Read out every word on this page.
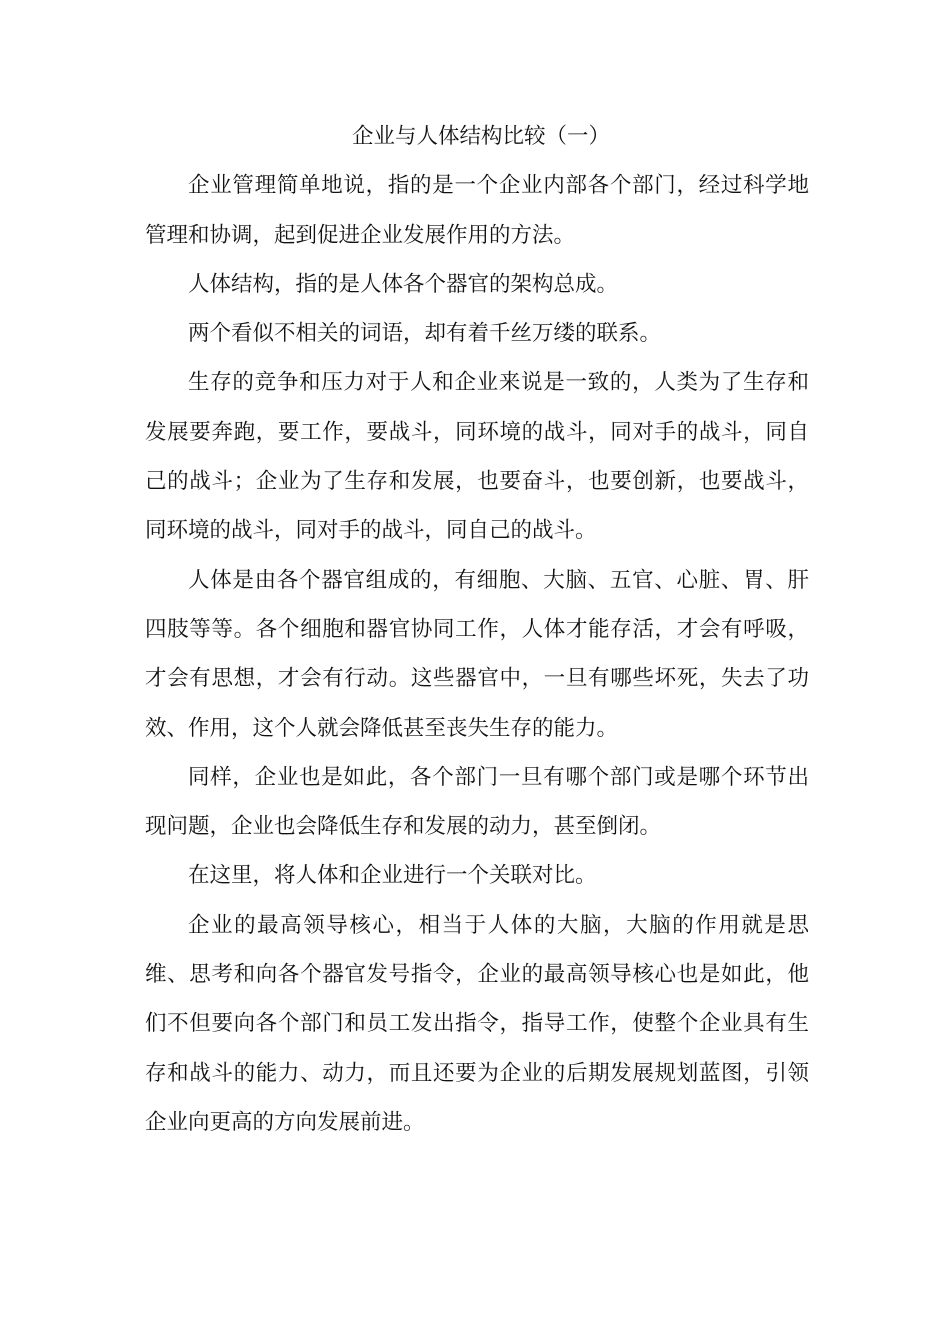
企业与人体结构比较（一）

企业管理简单地说，指的是一个企业内部各个部门，经过科学地管理和协调，起到促进企业发展作用的方法。

人体结构，指的是人体各个器官的架构总成。

两个看似不相关的词语，却有着千丝万缕的联系。

生存的竞争和压力对于人和企业来说是一致的，人类为了生存和发展要奔跑，要工作，要战斗，同环境的战斗，同对手的战斗，同自己的战斗；企业为了生存和发展，也要奋斗，也要创新，也要战斗，同环境的战斗，同对手的战斗，同自己的战斗。

人体是由各个器官组成的，有细胞、大脑、五官、心脏、胃、肝四肢等等。各个细胞和器官协同工作，人体才能存活，才会有呼吸，才会有思想，才会有行动。这些器官中，一旦有哪些坏死，失去了功效、作用，这个人就会降低甚至丧失生存的能力。

同样，企业也是如此，各个部门一旦有哪个部门或是哪个环节出现问题，企业也会降低生存和发展的动力，甚至倒闭。

在这里，将人体和企业进行一个关联对比。

企业的最高领导核心，相当于人体的大脑，大脑的作用就是思维、思考和向各个器官发号指令，企业的最高领导核心也是如此，他们不但要向各个部门和员工发出指令，指导工作，使整个企业具有生存和战斗的能力、动力，而且还要为企业的后期发展规划蓝图，引领企业向更高的方向发展前进。
